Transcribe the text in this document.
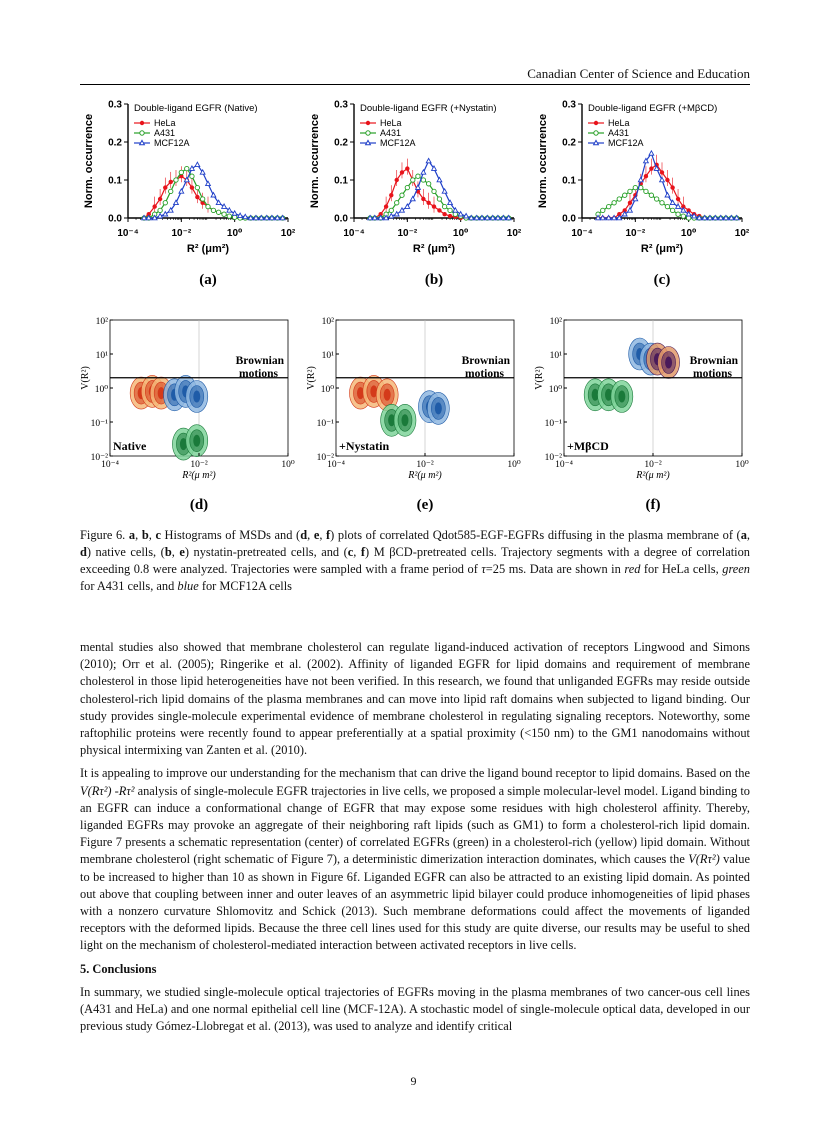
Canadian Center of Science and Education
0.0
0.1
0.2
0.3
10⁻⁴	10⁻²	10⁰	10²
Norm. occurrence
R² (μm²)
Double-ligand EGFR (Native)
HeLa
A431
MCF12A
(a)
0.0
0.1
0.2
0.3
10⁻⁴	10⁻²	10⁰	10²
Norm. occurrence
R² (μm²)
Double-ligand EGFR (+Nystatin)
HeLa
A431
MCF12A
(b)
0.0
0.1
0.2
0.3
10⁻⁴	10⁻²	10⁰	10²
Norm. occurrence
R² (μm²)
Double-ligand EGFR (+MβCD)
HeLa
A431
MCF12A
(c)
Brownian
motions
10²
10¹
10⁰
10⁻¹
10⁻²
10⁻⁴	10⁻²	10⁰
V(R²)
R²(μ m²)
Native
(d)
Brownian
motions
10²
10¹
10⁰
10⁻¹
10⁻²
10⁻⁴	10⁻²	10⁰
V(R²)
R²(μ m²)
+Nystatin
(e)
Brownian
motions
10²
10¹
10⁰
10⁻¹
10⁻²
10⁻⁴	10⁻²	10⁰
V(R²)
R²(μ m²)
+MβCD
(f)
Figure 6. a, b, c Histograms of MSDs and (d, e, f) plots of correlated Qdot585-EGF-EGFRs diffusing in the plasma membrane of (a, d) native cells, (b, e) nystatin-pretreated cells, and (c, f) M βCD-pretreated cells. Trajectory segments with a degree of correlation exceeding 0.8 were analyzed. Trajectories were sampled with a frame period of τ=25 ms. Data are shown in red for HeLa cells, green for A431 cells, and blue for MCF12A cells

mental studies also showed that membrane cholesterol can regulate ligand-induced activation of receptors Lingwood and Simons (2010); Orr et al. (2005); Ringerike et al. (2002). Affinity of liganded EGFR for lipid domains and requirement of membrane cholesterol in those lipid heterogeneities have not been verified. In this research, we found that unliganded EGFRs may reside outside cholesterol-rich lipid domains of the plasma membranes and can move into lipid raft domains when subjected to ligand binding. Our study provides single-molecule experimental evidence of membrane cholesterol in regulating signaling receptors. Noteworthy, some raftophilic proteins were recently found to appear preferentially at a spatial proximity (<150 nm) to the GM1 nanodomains without physical intermixing van Zanten et al. (2010).

It is appealing to improve our understanding for the mechanism that can drive the ligand bound receptor to lipid domains. Based on the V(Rτ²) -Rτ² analysis of single-molecule EGFR trajectories in live cells, we proposed a simple molecular-level model. Ligand binding to an EGFR can induce a conformational change of EGFR that may expose some residues with high cholesterol affinity. Thereby, liganded EGFRs may provoke an aggregate of their neighboring raft lipids (such as GM1) to form a cholesterol-rich lipid domain. Figure 7 presents a schematic representation (center) of correlated EGFRs (green) in a cholesterol-rich (yellow) lipid domain. Without membrane cholesterol (right schematic of Figure 7), a deterministic dimerization interaction dominates, which causes the V(Rτ²) value to be increased to higher than 10 as shown in Figure 6f. Liganded EGFR can also be attracted to an existing lipid domain. As pointed out above that coupling between inner and outer leaves of an asymmetric lipid bilayer could produce inhomogeneities of lipid phases with a nonzero curvature Shlomovitz and Schick (2013). Such membrane deformations could affect the movements of liganded receptors with the deformed lipids. Because the three cell lines used for this study are quite diverse, our results may be useful to shed light on the mechanism of cholesterol-mediated interaction between activated receptors in live cells.

5. Conclusions

In summary, we studied single-molecule optical trajectories of EGFRs moving in the plasma membranes of two cancer-ous cell lines (A431 and HeLa) and one normal epithelial cell line (MCF-12A). A stochastic model of single-molecule optical data, developed in our previous study Gómez-Llobregat et al. (2013), was used to analyze and identify critical

9
